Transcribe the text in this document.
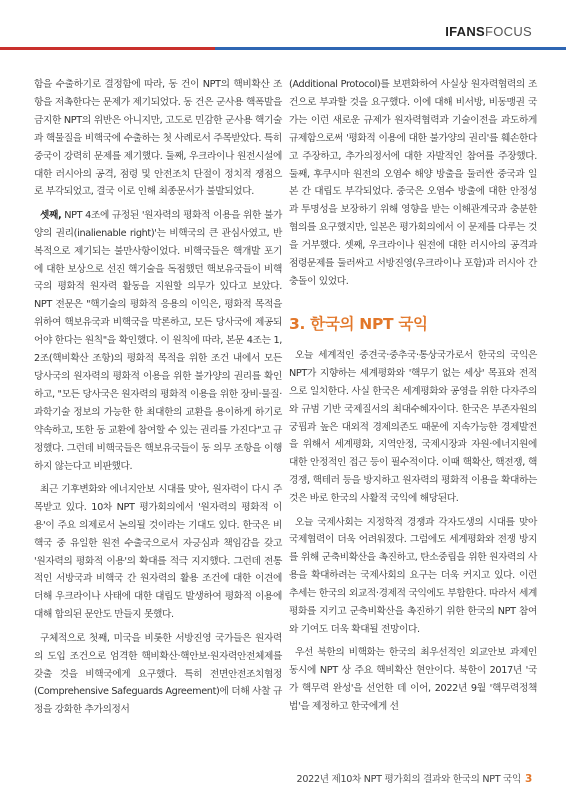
IFANSFOCUS

함을 수출하기로 결정함에 따라, 동 건이 NPT의 핵비확산 조항을 저촉한다는 문제가 제기되었다. 동 건은 군사용 핵폭발을 금지한 NPT의 위반은 아니지만, 고도로 민감한 군사용 핵기술과 핵물질을 비핵국에 수출하는 첫 사례로서 주목받았다. 특히 중국이 강력히 문제를 제기했다. 둘째, 우크라이나 원전시설에 대한 러시아의 공격, 점령 및 안전조치 단절이 정치적 쟁점으로 부각되었고, 결국 이로 인해 최종문서가 불발되었다.

셋째, NPT 4조에 규정된 '원자력의 평화적 이용을 위한 불가양의 권리(inalienable right)'는 비핵국의 큰 관심사였고, 반복적으로 제기되는 불만사항이었다. 비핵국들은 핵개발 포기에 대한 보상으로 선진 핵기술을 독점했던 핵보유국들이 비핵국의 평화적 원자력 활동을 지원할 의무가 있다고 보았다. NPT 전문은 "핵기술의 평화적 응용의 이익은, 평화적 목적을 위하여 핵보유국과 비핵국을 막론하고, 모든 당사국에 제공되어야 한다는 원칙"을 확인했다. 이 원칙에 따라, 본문 4조는 1, 2조(핵비확산 조항)의 평화적 목적을 위한 조건 내에서 모든 당사국의 원자력의 평화적 이용을 위한 불가양의 권리를 확인하고, "모든 당사국은 원자력의 평화적 이용을 위한 장비·물질·과학기술 정보의 가능한 한 최대한의 교환을 용이하게 하기로 약속하고, 또한 동 교환에 참여할 수 있는 권리를 가진다"고 규정했다. 그런데 비핵국들은 핵보유국들이 동 의무 조항을 이행하지 않는다고 비판했다.

최근 기후변화와 에너지안보 시대를 맞아, 원자력이 다시 주목받고 있다. 10차 NPT 평가회의에서 '원자력의 평화적 이용'이 주요 의제로서 논의될 것이라는 기대도 있다. 한국은 비핵국 중 유일한 원전 수출국으로서 자긍심과 책임감을 갖고 '원자력의 평화적 이용'의 확대를 적극 지지했다. 그런데 전통적인 서방국과 비핵국 간 원자력의 활용 조건에 대한 이견에 더해 우크라이나 사태에 대한 대립도 발생하여 평화적 이용에 대해 합의된 문안도 만들지 못했다.

구체적으로 첫째, 미국을 비롯한 서방진영 국가들은 원자력의 도입 조건으로 엄격한 핵비확산·핵안보·원자력안전체제를 갖출 것을 비핵국에게 요구했다. 특히 전면안전조치협정(Comprehensive Safeguards Agreement)에 더해 사찰 규정을 강화한 추가의정서

(Additional Protocol)를 보편화하여 사실상 원자력협력의 조건으로 부과할 것을 요구했다. 이에 대해 비서방, 비동맹권 국가는 이런 새로운 규제가 원자력협력과 기술이전을 과도하게 규제함으로써 '평화적 이용에 대한 불가양의 권리'를 훼손한다고 주장하고, 추가의정서에 대한 자발적인 참여를 주장했다. 둘째, 후쿠시마 원전의 오염수 해양 방출을 둘러싼 중국과 일본 간 대립도 부각되었다. 중국은 오염수 방출에 대한 안정성과 투명성을 보장하기 위해 영향을 받는 이해관계국과 충분한 협의를 요구했지만, 일본은 평가회의에서 이 문제를 다루는 것을 거부했다. 셋째, 우크라이나 원전에 대한 러시아의 공격과 점령문제를 둘러싸고 서방진영(우크라이나 포함)과 러시아 간 충돌이 있었다.

3. 한국의 NPT 국익

오늘 세계적인 중견국·중추국·통상국가로서 한국의 국익은 NPT가 지향하는 세계평화와 '핵무기 없는 세상' 목표와 전적으로 일치한다. 사실 한국은 세계평화와 공영을 위한 다자주의와 규범 기반 국제질서의 최대수혜자이다. 한국은 부존자원의 궁핍과 높은 대외적 경제의존도 때문에 지속가능한 경제발전을 위해서 세계평화, 지역안정, 국제시장과 자원·에너지원에 대한 안정적인 접근 등이 필수적이다. 이때 핵확산, 핵전쟁, 핵경쟁, 핵테러 등을 방지하고 원자력의 평화적 이용을 확대하는 것은 바로 한국의 사활적 국익에 해당된다.

오늘 국제사회는 지정학적 경쟁과 각자도생의 시대를 맞아 국제협력이 더욱 어려워졌다. 그럼에도 세계평화와 전쟁 방지를 위해 군축비확산을 촉진하고, 탄소중립을 위한 원자력의 사용을 확대하려는 국제사회의 요구는 더욱 커지고 있다. 이런 추세는 한국의 외교적·경제적 국익에도 부합한다. 따라서 세계평화를 지키고 군축비확산을 촉진하기 위한 한국의 NPT 참여와 기여도 더욱 확대될 전망이다.

우선 북한의 비핵화는 한국의 최우선적인 외교안보 과제인 동시에 NPT 상 주요 핵비확산 현안이다. 북한이 2017년 '국가 핵무력 완성'을 선언한 데 이어, 2022년 9월 '핵무력정책법'을 제정하고 한국에게 선

2022년 제10차 NPT 평가회의 결과와 한국의 NPT 국익 3
